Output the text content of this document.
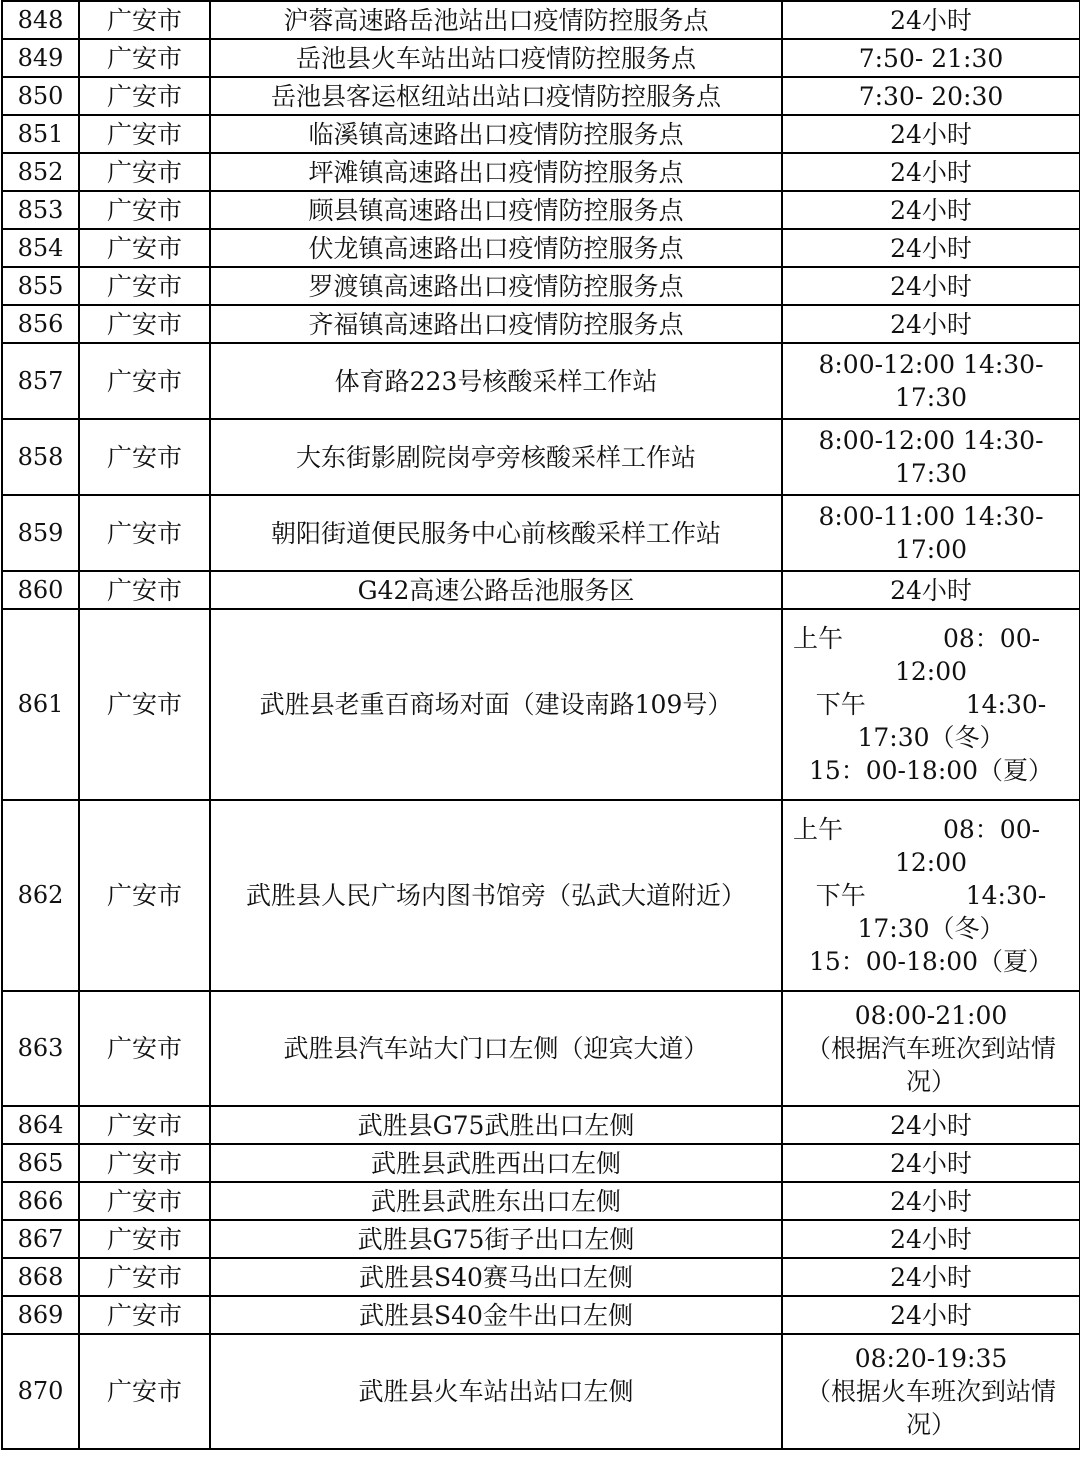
848	广安市	沪蓉高速路岳池站出口疫情防控服务点	24小时

849	广安市	岳池县火车站出站口疫情防控服务点	7:50- 21:30

850	广安市	岳池县客运枢纽站出站口疫情防控服务点	7:30- 20:30

851	广安市	临溪镇高速路出口疫情防控服务点	24小时

852	广安市	坪滩镇高速路出口疫情防控服务点	24小时

853	广安市	顾县镇高速路出口疫情防控服务点	24小时

854	广安市	伏龙镇高速路出口疫情防控服务点	24小时

855	广安市	罗渡镇高速路出口疫情防控服务点	24小时

856	广安市	齐福镇高速路出口疫情防控服务点	24小时

857	广安市	体育路223号核酸采样工作站	8:00-12:00 14:30-
17:30

858	广安市	大东街影剧院岗亭旁核酸采样工作站	8:00-12:00 14:30-
17:30

859	广安市	朝阳街道便民服务中心前核酸采样工作站	8:00-11:00 14:30-
17:00

860	广安市	G42高速公路岳池服务区	24小时

861	广安市	武胜县老重百商场对面（建设南路109号）	上午　　　　08：00-
12:00
下午　　　　14:30-
17:30（冬）
15：00-18:00（夏）

862	广安市	武胜县人民广场内图书馆旁（弘武大道附近）	上午　　　　08：00-
12:00
下午　　　　14:30-
17:30（冬）
15：00-18:00（夏）

863	广安市	武胜县汽车站大门口左侧（迎宾大道）	08:00-21:00
（根据汽车班次到站情
况）

864	广安市	武胜县G75武胜出口左侧	24小时

865	广安市	武胜县武胜西出口左侧	24小时

866	广安市	武胜县武胜东出口左侧	24小时

867	广安市	武胜县G75街子出口左侧	24小时

868	广安市	武胜县S40赛马出口左侧	24小时

869	广安市	武胜县S40金牛出口左侧	24小时

870	广安市	武胜县火车站出站口左侧	08:20-19:35
（根据火车班次到站情
况）
